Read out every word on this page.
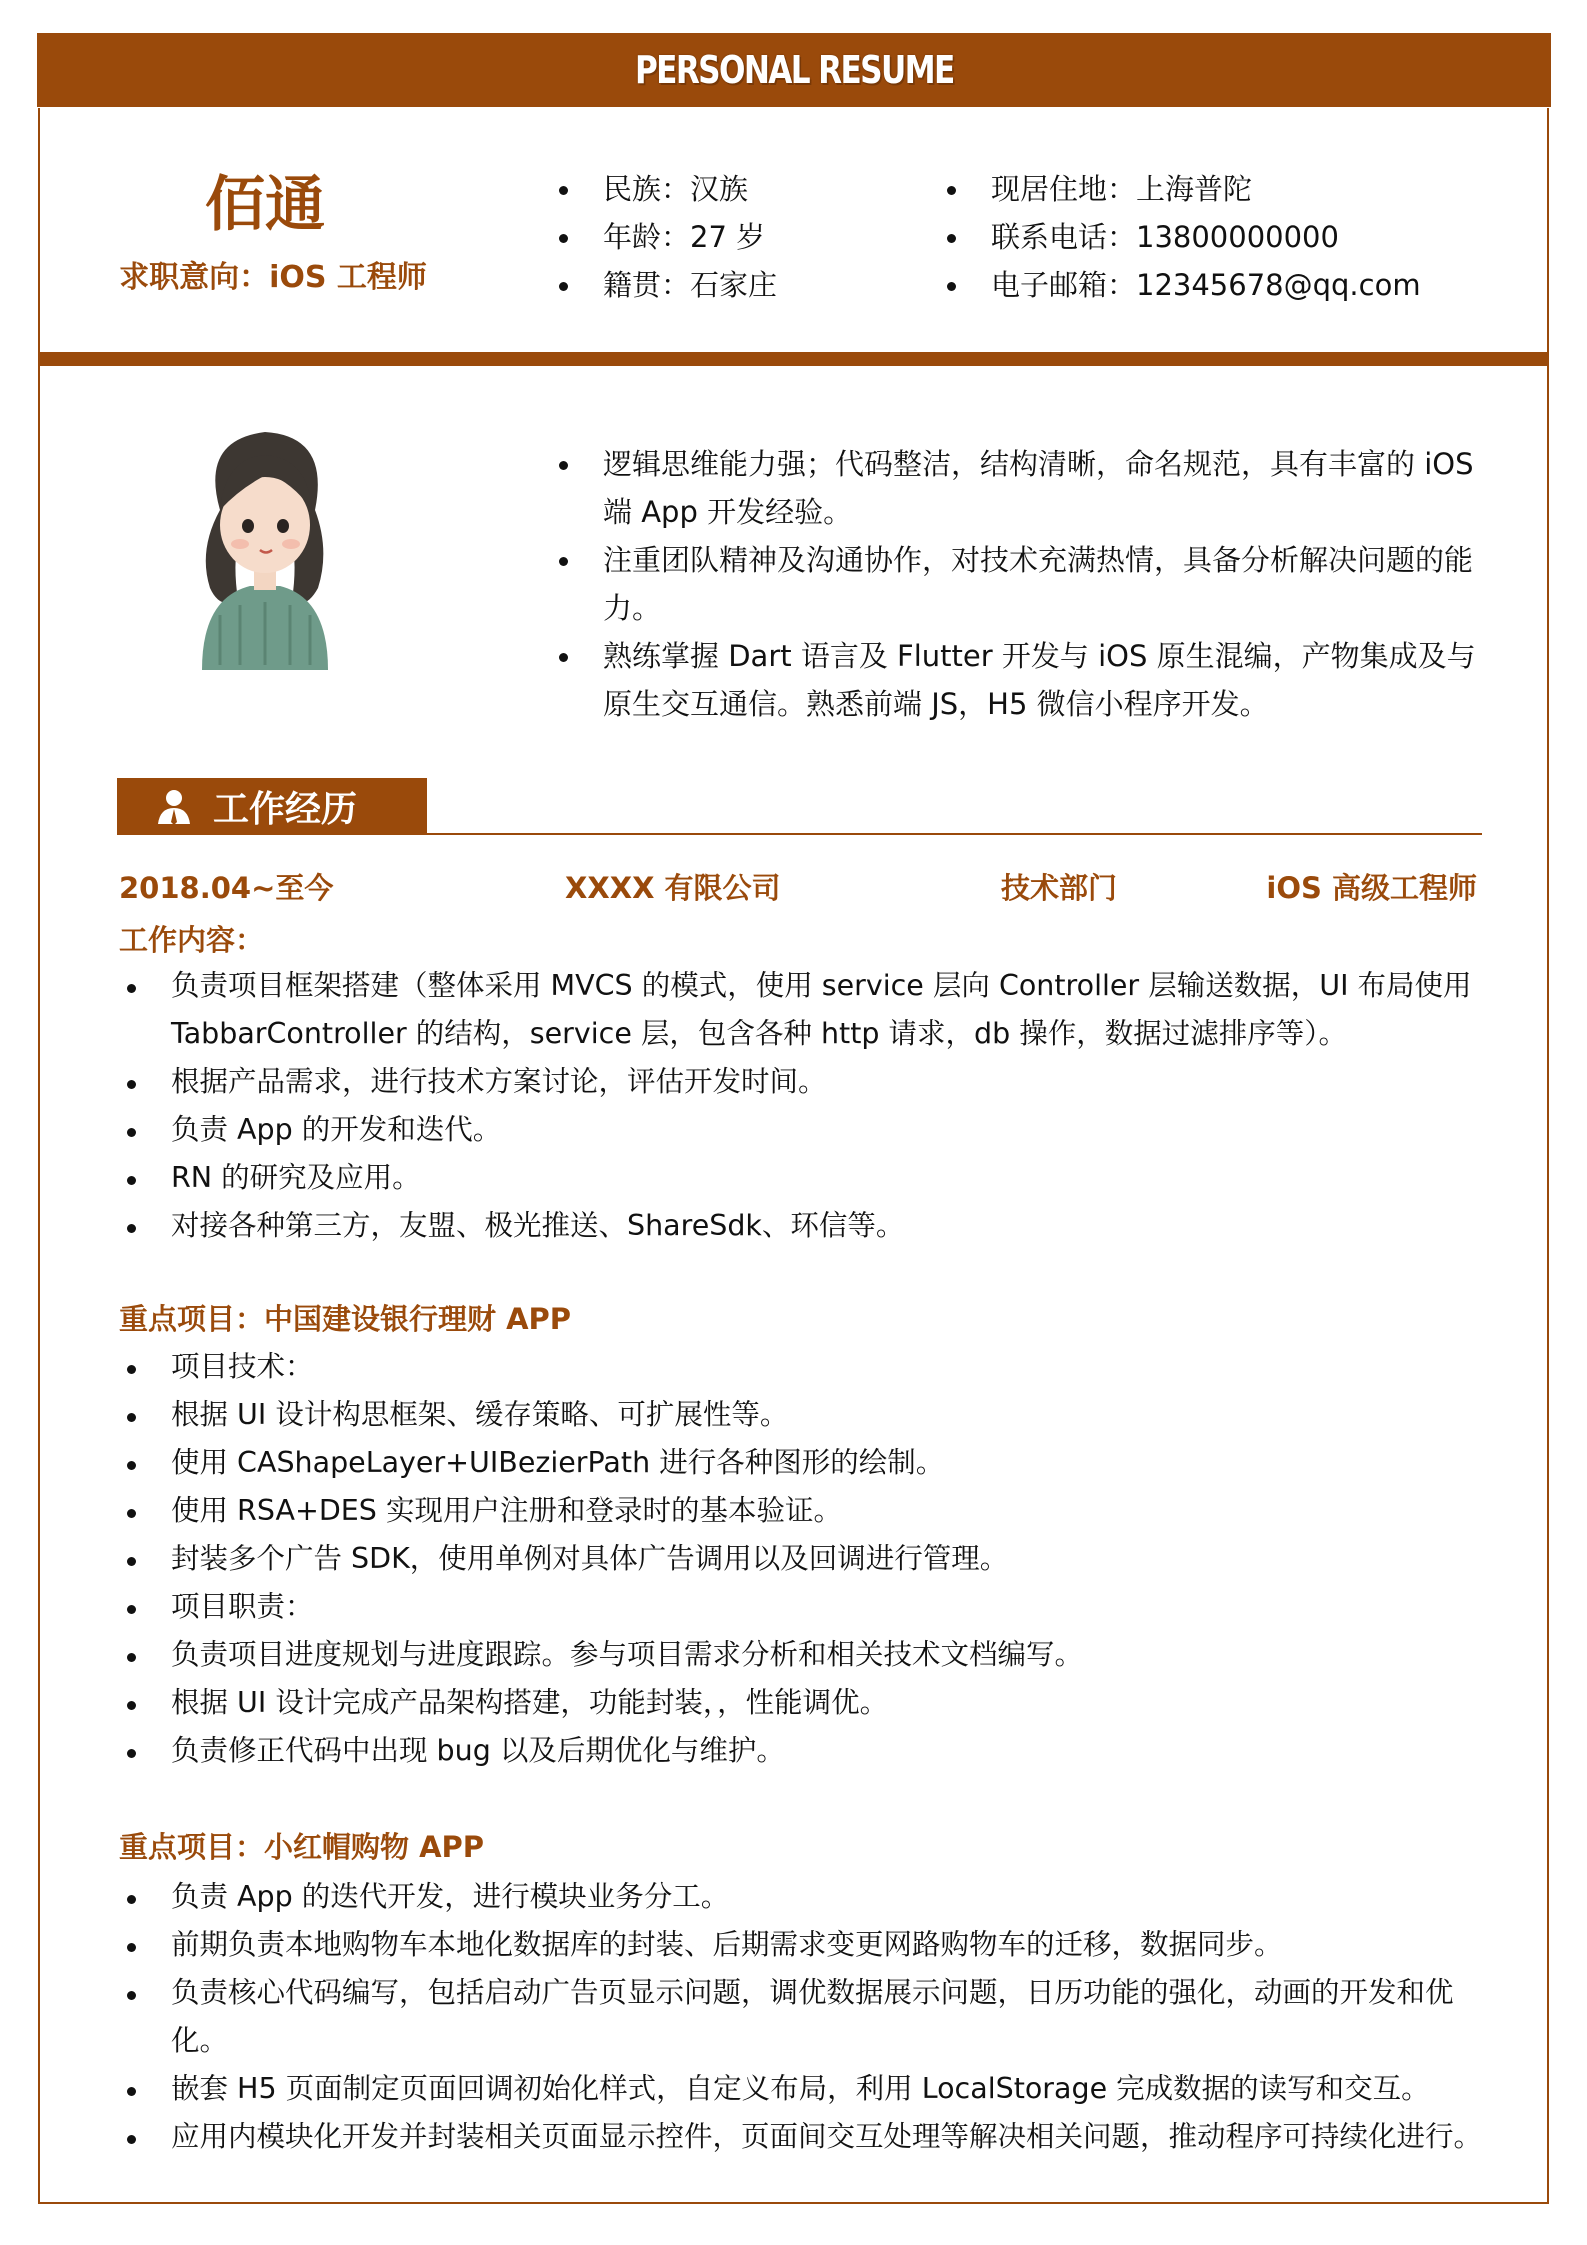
PERSONAL RESUME
佰通
求职意向：iOS 工程师
民族：汉族
年龄：27 岁
籍贯：石家庄
现居住地：上海普陀
联系电话：13800000000
电子邮箱：12345678@qq.com
逻辑思维能力强；代码整洁，结构清晰，命名规范，具有丰富的 iOS 端 App 开发经验。
注重团队精神及沟通协作，对技术充满热情，具备分析解决问题的能力。
熟练掌握 Dart 语言及 Flutter 开发与 iOS 原生混编，产物集成及与原生交互通信。熟悉前端 JS，H5 微信小程序开发。
工作经历
2018.04~至今	XXXX 有限公司	技术部门	iOS 高级工程师
工作内容：
负责项目框架搭建（整体采用 MVCS 的模式，使用 service 层向 Controller 层输送数据，UI 布局使用 TabbarController 的结构，service 层，包含各种 http 请求，db 操作，数据过滤排序等）。
根据产品需求，进行技术方案讨论，评估开发时间。
负责 App 的开发和迭代。
RN 的研究及应用。
对接各种第三方，友盟、极光推送、ShareSdk、环信等。
重点项目：中国建设银行理财 APP
项目技术：
根据 UI 设计构思框架、缓存策略、可扩展性等。
使用 CAShapeLayer+UIBezierPath 进行各种图形的绘制。
使用 RSA+DES 实现用户注册和登录时的基本验证。
封装多个广告 SDK，使用单例对具体广告调用以及回调进行管理。
项目职责：
负责项目进度规划与进度跟踪。参与项目需求分析和相关技术文档编写。
根据 UI 设计完成产品架构搭建，功能封装，，性能调优。
负责修正代码中出现 bug 以及后期优化与维护。
重点项目：小红帽购物 APP
负责 App 的迭代开发，进行模块业务分工。
前期负责本地购物车本地化数据库的封装、后期需求变更网路购物车的迁移，数据同步。
负责核心代码编写，包括启动广告页显示问题，调优数据展示问题，日历功能的强化，动画的开发和优化。
嵌套 H5 页面制定页面回调初始化样式，自定义布局，利用 LocalStorage 完成数据的读写和交互。
应用内模块化开发并封装相关页面显示控件，页面间交互处理等解决相关问题，推动程序可持续化进行。
